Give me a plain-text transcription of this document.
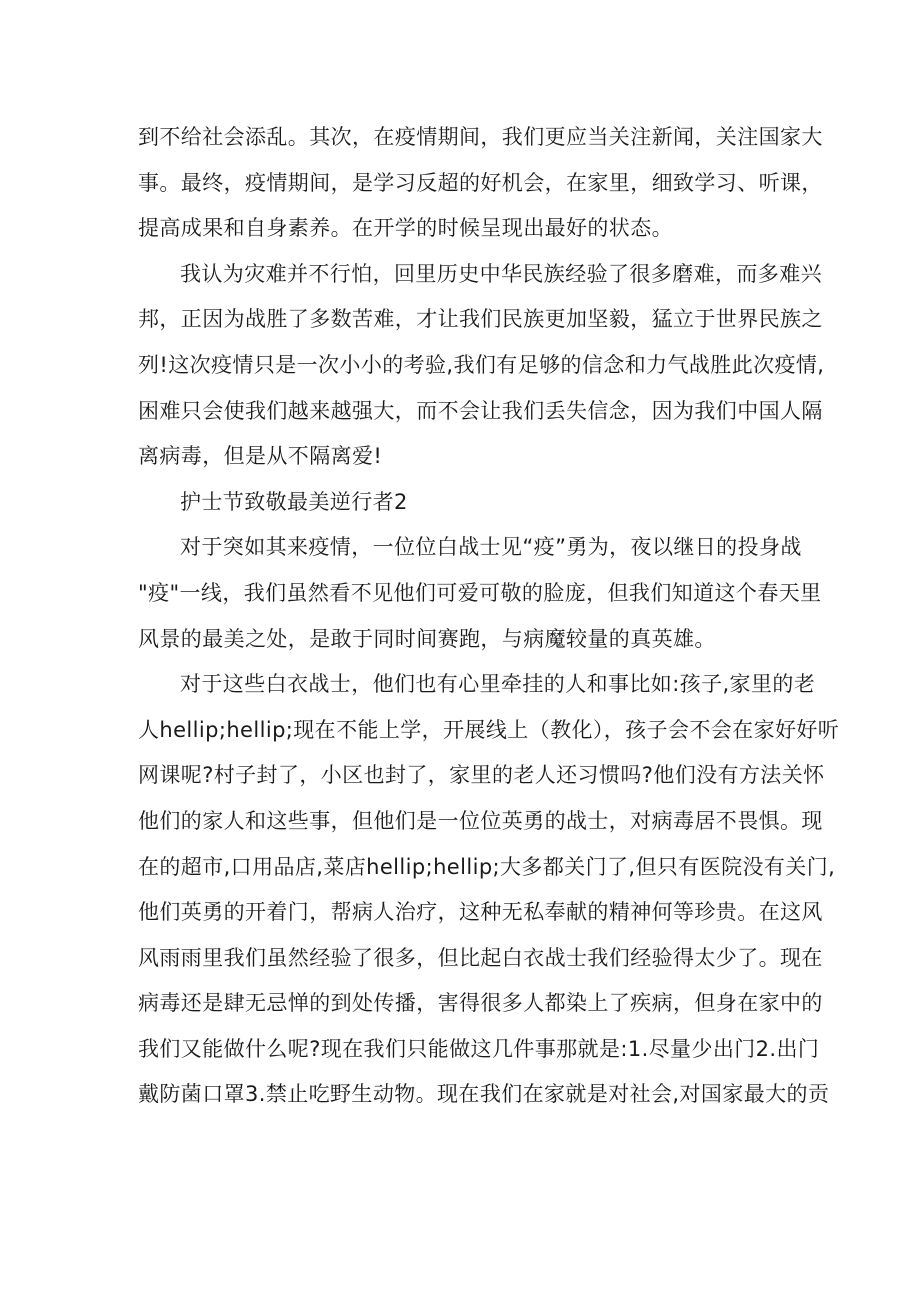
到不给社会添乱。其次，在疫情期间，我们更应当关注新闻，关注国家大
事。最终，疫情期间，是学习反超的好机会，在家里，细致学习、听课，
提高成果和自身素养。在开学的时候呈现出最好的状态。
我认为灾难并不行怕，回里历史中华民族经验了很多磨难，而多难兴
邦，正因为战胜了多数苦难，才让我们民族更加坚毅，猛立于世界民族之
列!这次疫情只是一次小小的考验,我们有足够的信念和力气战胜此次疫情,
困难只会使我们越来越强大，而不会让我们丢失信念，因为我们中国人隔
离病毒，但是从不隔离爱!
护士节致敬最美逆行者2
对于突如其来疫情，一位位白战士见“疫”勇为，夜以继日的投身战
"疫"一线，我们虽然看不见他们可爱可敬的脸庞，但我们知道这个春天里
风景的最美之处，是敢于同时间赛跑，与病魔较量的真英雄。
对于这些白衣战士，他们也有心里牵挂的人和事比如:孩子,家里的老
人hellip;hellip;现在不能上学，开展线上（教化），孩子会不会在家好好听
网课呢?村子封了，小区也封了，家里的老人还习惯吗?他们没有方法关怀
他们的家人和这些事，但他们是一位位英勇的战士，对病毒居不畏惧。现
在的超市,口用品店,菜店hellip;hellip;大多都关门了,但只有医院没有关门,
他们英勇的开着门，帮病人治疗，这种无私奉献的精神何等珍贵。在这风
风雨雨里我们虽然经验了很多，但比起白衣战士我们经验得太少了。现在
病毒还是肆无忌惮的到处传播，害得很多人都染上了疾病，但身在家中的
我们又能做什么呢?现在我们只能做这几件事那就是:1.尽量少出门2.出门
戴防菌口罩3.禁止吃野生动物。现在我们在家就是对社会,对国家最大的贡
